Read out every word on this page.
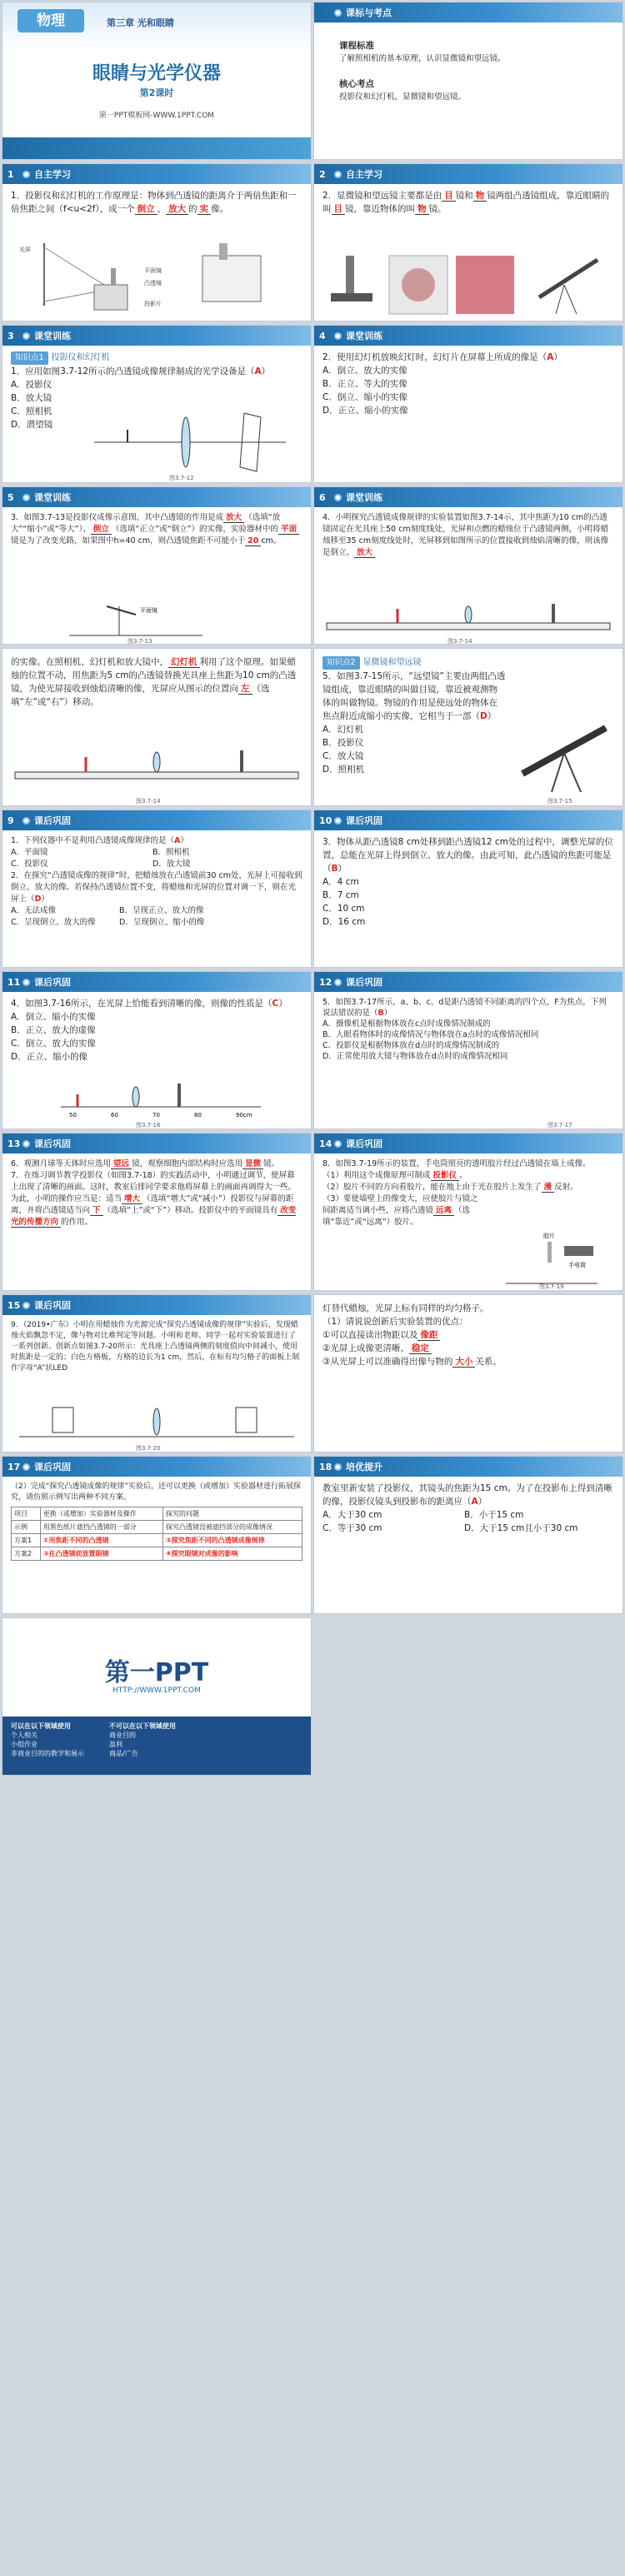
物理	第三章 光和眼睛
眼睛与光学仪器
第2课时
第一PPT模板网-WWW.1PPT.COM
课标与考点
课程标准
了解照相机的基本原理，认识显微镜和望远镜。
核心考点
投影仪和幻灯机，显微镜和望远镜。
1 自主学习
1．投影仪和幻灯机的工作原理是：物体到凸透镜的距离介于两倍焦距和一倍焦距之间（f<u<2f），成一个 倒立 、 放大 的 实 像。
光屏
平面镜
凸透镜
投影片
2 自主学习
2．显微镜和望远镜主要都是由 目 镜和 物 镜两组凸透镜组成，靠近眼睛的叫 目 镜，靠近物体的叫 物 镜。
3 课堂训练
知识点1 投影仪和幻灯机
1．应用如图3.7-12所示的凸透镜成像规律制成的光学设备是（A）
A．投影仪
B．放大镜
C．照相机
D．潜望镜
图3.7-12
4 课堂训练
2．使用幻灯机放映幻灯时，幻灯片在屏幕上所成的像是（A）
A．倒立、放大的实像
B．正立、等大的实像
C．倒立、缩小的实像
D．正立、缩小的实像
5 课堂训练
3．如图3.7-13是投影仪成像示意图，其中凸透镜的作用是成 放大 （选填“放大”“缩小”或“等大”）、 倒立 （选填“正立”或“倒立”）的实像，实验器材中的 平面镜是为了改变光路，如果图中h=40 cm，则凸透镜焦距不可能小于 20 cm。
平面镜
图3.7-13
6 课堂训练
4．小明探究凸透镜成像规律的实验装置如图3.7-14示，其中焦距为10 cm的凸透镜固定在光具座上50 cm刻度线处，光屏和点燃的蜡烛位于凸透镜两侧，小明将蜡烛移至35 cm刻度线处时，光屏移到如图所示的位置接收到烛焰清晰的像，则该像是倒立、 放大
图3.7-14
的实像。在照相机、幻灯机和放大镜中， 幻灯机 利用了这个原理。如果蜡烛的位置不动，用焦距为5 cm的凸透镜替换光具座上焦距为10 cm的凸透镜，为使光屏接收到烛焰清晰的像，光屏应从图示的位置向 左 （选填“左”或“右”）移动。
图3.7-14
知识点2 显微镜和望远镜
5．如图3.7-15所示，“远望镜”主要由两组凸透镜组成，靠近眼睛的叫做目镜，靠近被观测物体的叫做物镜。物镜的作用是使远处的物体在焦点附近成缩小的实像，它相当于一部（D）
A．幻灯机
B．投影仪
C．放大镜
D．照相机
图3.7-15
9 课后巩固
1．下列仪器中不是利用凸透镜成像规律的是（A）
A．平面镜	B．照相机
C．投影仪	D．放大镜
2．在探究“凸透镜成像的规律”时，把蜡烛放在凸透镜前30 cm处，光屏上可接收到倒立、放大的像。若保持凸透镜位置不变，将蜡烛和光屏的位置对调一下，则在光屏上（D）
A．无法成像	B．呈现正立、放大的像
C．呈现倒立、放大的像	D．呈现倒立、缩小的像
10 课后巩固
3．物体从距凸透镜8 cm处移到距凸透镜12 cm处的过程中，调整光屏的位置，总能在光屏上得到倒立、放大的像。由此可知，此凸透镜的焦距可能是（B）
A．4 cm
B．7 cm
C．10 cm
D．16 cm
11 课后巩固
4．如图3.7-16所示，在光屏上恰能看到清晰的像，则像的性质是（C）
A．倒立、缩小的实像
B．正立、放大的虚像
C．倒立、放大的实像
D．正立、缩小的像
50	60	70	80	90cm
图3.7-16
12 课后巩固
5．如图3.7-17所示，a、b、c、d是距凸透镜不同距离的四个点，F为焦点，下列说法错误的是（B）
A．摄像机是根据物体放在c点时成像情况制成的
B．人眼看物体时的成像情况与物体放在a点时的成像情况相同
C．投影仪是根据物体放在d点时的成像情况制成的
D．正常使用放大镜与物体放在d点时的成像情况相同
图3.7-17
13 课后巩固
6．观测月球等天体时应选用 望远 镜，观察细胞内部结构时应选用 显微 镜。
7．在练习调节教学投影仪（如图3.7-18）的实践活动中，小明通过调节，使屏幕上出现了清晰的画面。这时，教室后排同学要求他将屏幕上的画面再调得大一些。为此，小明的操作应当是：适当 增大 （选填“增大”或“减小”）投影仪与屏幕的距离，并将凸透镜适当向 下 （选填“上”或“下”）移动。投影仪中的平面镜具有 改变光的传播方向 的作用。
14 课后巩固
8．如图3.7-19所示的装置，手电筒照亮的透明胶片经过凸透镜在墙上成像。
（1）利用这个成像原理可制成 投影仪 。
（2）胶片不同的方向看胶片，能在地上由于光在胶片上发生了 漫 反射。
（3）要使墙壁上的像变大，应使胶片与镜之间距离适当调小些，应将凸透镜 远离 （选填“靠近”或“远离”）胶片。
胶片
手电筒
图3.7-19
15 课后巩固
9．（2019•广东）小明在用蜡烛作为光源完成“探究凸透镜成像的规律”实验后，发现蜡烛火焰飘忽不定，像与物对比难判定等问题。小明和老师、同学一起对实验装置进行了一系列创新。创新点如图3.7-20所示：光具座上凸透镜两侧的刻度值向中间减小，使用时焦距是一定的；白色方格板，方格的边长为1 cm，然后，在标有均匀格子的面板上制作字母“A”状LED
图3.7-20
灯替代蜡烛，光屏上标有同样的均匀格子。
（1）请说说创新后实验装置的优点：
①可以直接读出物距以及 像距
②光屏上成像更清晰、 稳定
③从光屏上可以准确得出像与物的 大小 关系。
17 课后巩固
（2）完成“探究凸透镜成像的规律”实验后，还可以更换（或增加）实验器材进行拓展探究，请仿照示例写出两种不同方案。
项目	更换（或增加）实验器材及操作	探究的问题
示例	用黑色纸片遮挡凸透镜的一部分	探究凸透镜没被遮挡部分的成像情况
方案1	①用焦距不同的凸透镜	②探究焦距不同的凸透镜成像规律
方案2	③在凸透镜前放置眼镜	④探究眼镜对成像的影响
18 培优提升
教室里新安装了投影仪，其镜头的焦距为15 cm。为了在投影布上得到清晰的像，投影仪镜头到投影布的距离应（A）
A．大于30 cm	B．小于15 cm
C．等于30 cm	D．大于15 cm且小于30 cm
第一PPT
HTTP://WWW.1PPT.COM
可以在以下领域使用
个人相关
小组作业
非商业目的的教学和展示
不可以在以下领域使用
商业目的
盈利
商品/广告
